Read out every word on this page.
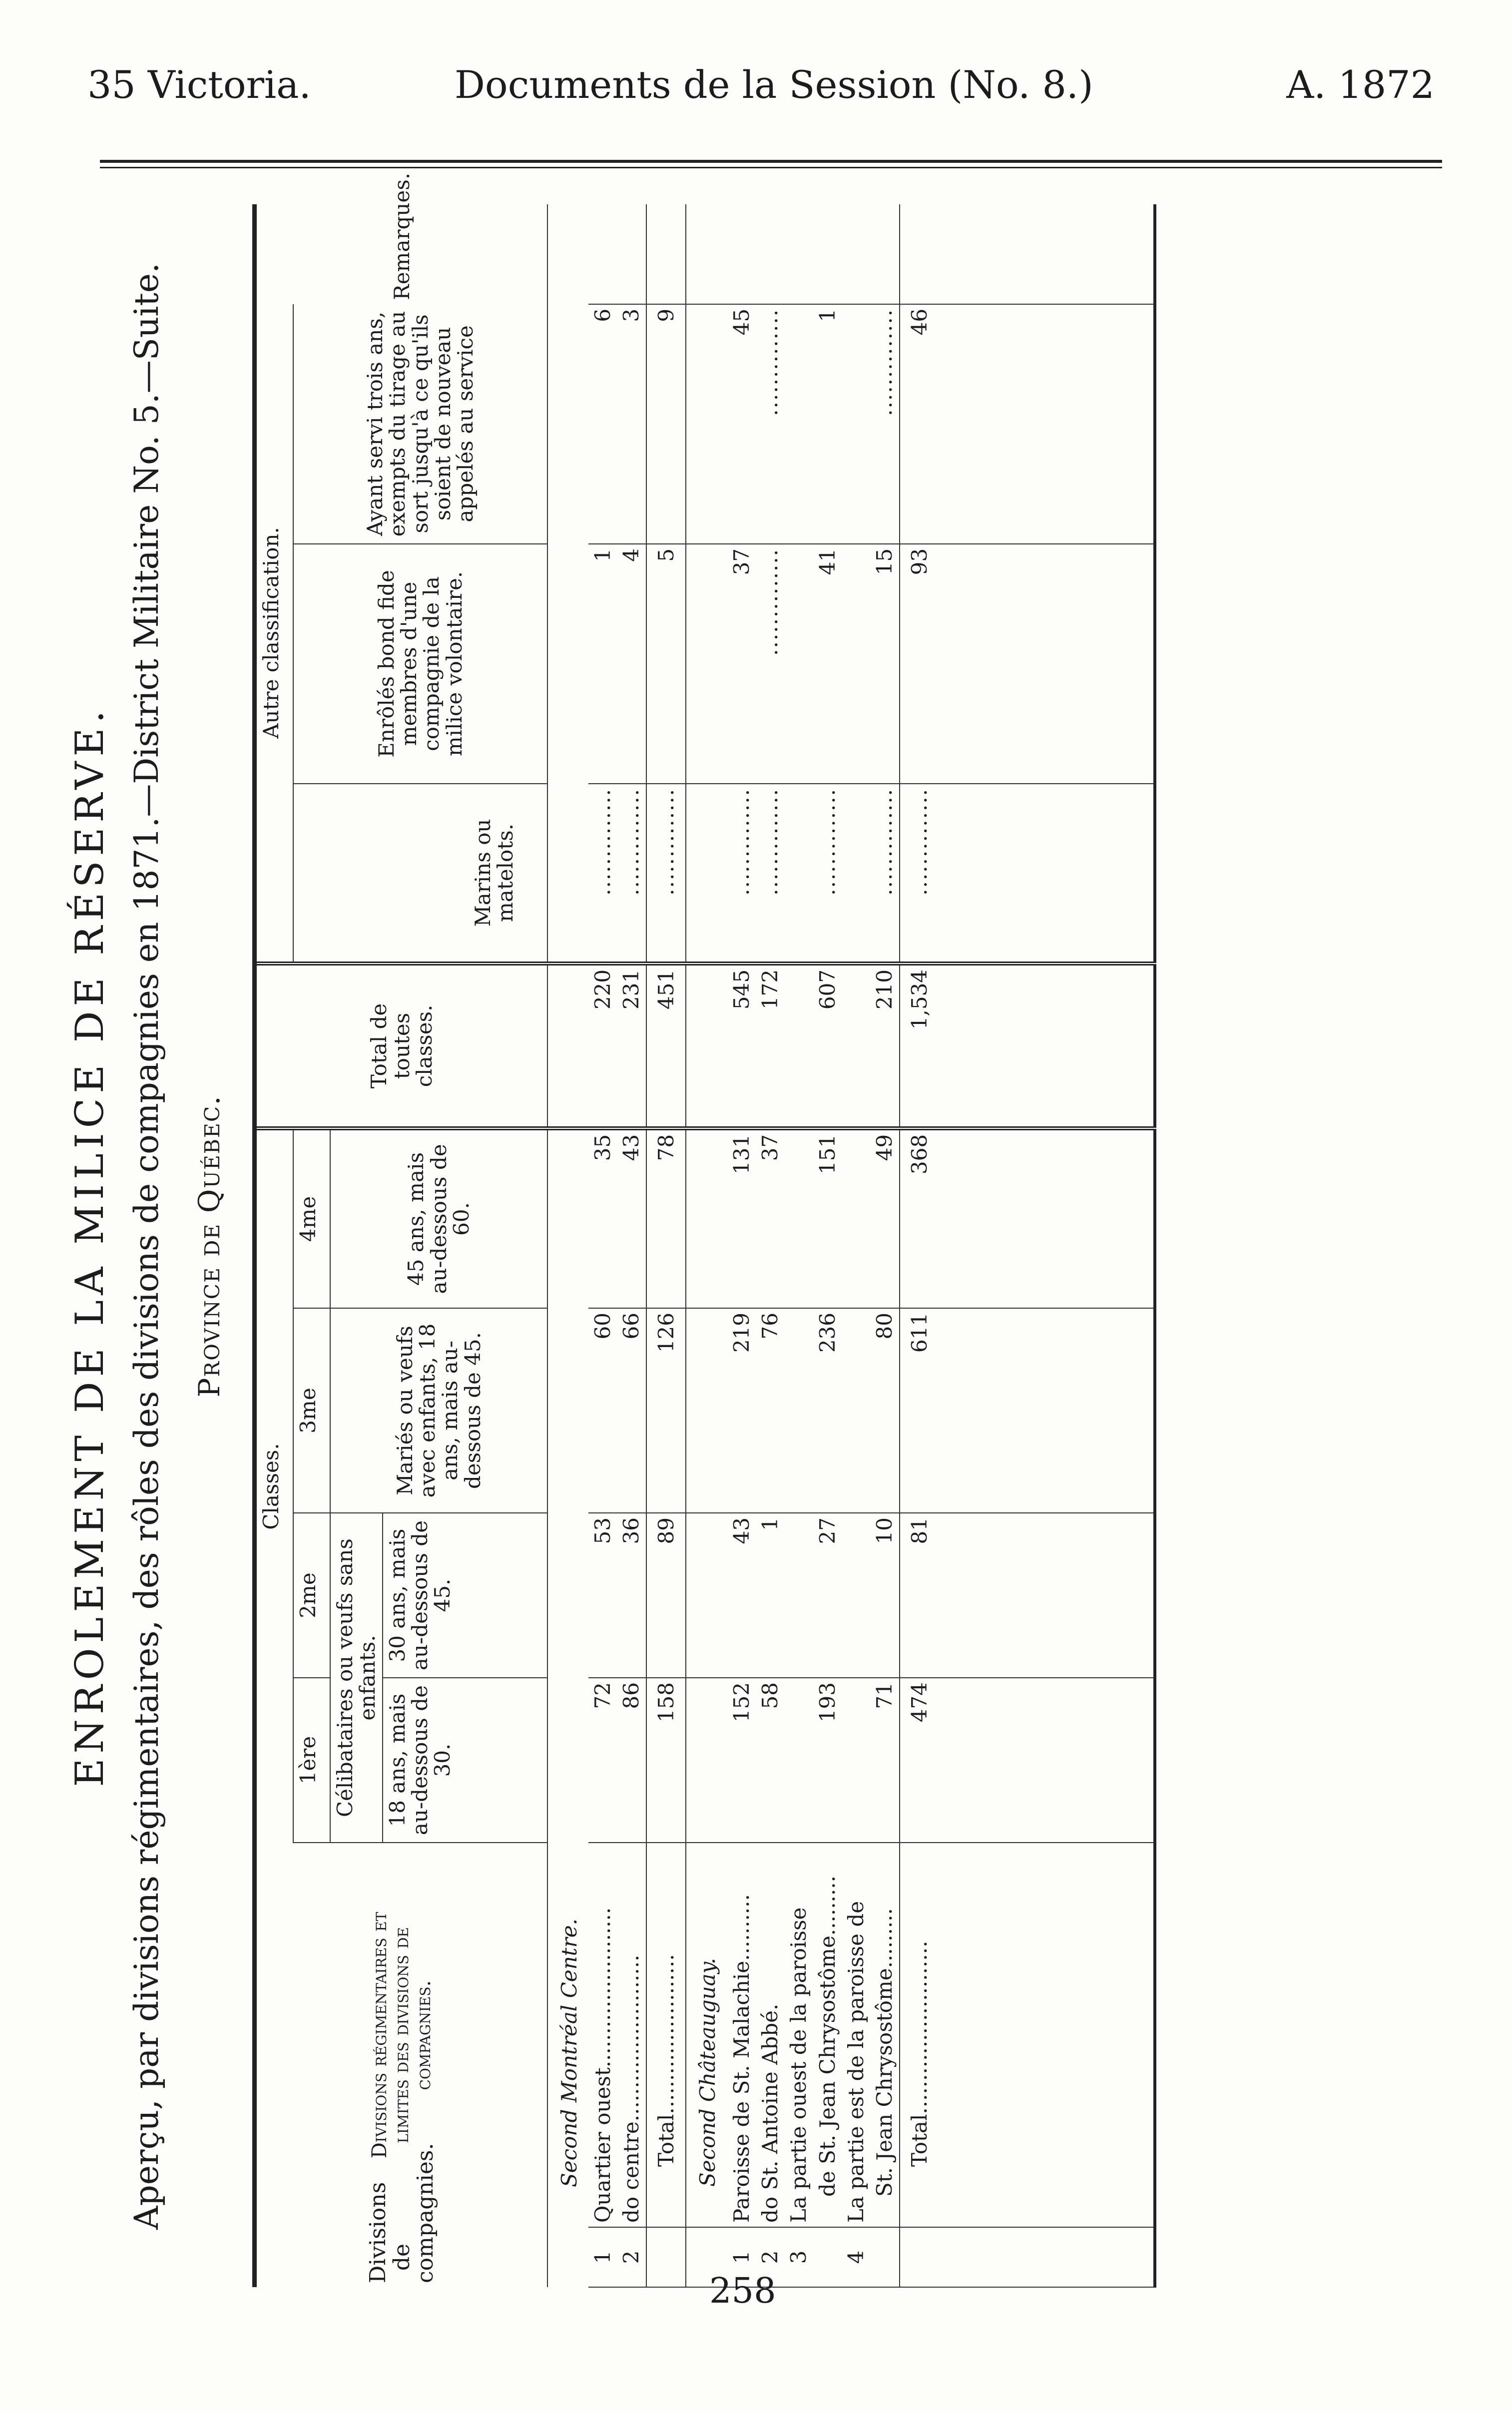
35 Victoria.	Documents de la Session (No. 8.)	A. 1872
ENROLEMENT DE LA MILICE DE RÉSERVE. Aperçu, par divisions régimentaires, des rôles des divisions de compagnies en 1871.—District Militaire No. 5.—Suite. Province de Québec.
Divisions de compagnies.	Divisions régimentaires et limites des divisions de compagnies.	Classes.				Total de toutes classes.	Autre classification.			Remarques.
		1ère	2me	3me	4me		Marins ou matelots.	Enrôlés bond fide membres d'une compagnie de la milice volontaire.	Ayant servi trois ans, exempts du tirage au sort jusqu'à ce qu'ils soient de nouveau appelés au service	
		Célibataires ou veufs sans enfants.		Mariés ou veufs avec enfants, 18 ans, mais au-dessous de 45.	45 ans, mais au-dessous de 60.					
		18 ans, mais au-dessous de 30.	30 ans, mais au-dessous de 45.							
	Second Montréal Centre.									
1	Quartier ouest........................	72	53	60	35	220	..............	1	6	
2	do centre.........................	86	36	66	43	231	..............	4	3	
	Total........................	158	89	126	78	451	..............	5	9	
	Second Châteauguay.									
1	Paroisse de St. Malachie..........	152	43	219	131	545	..............	37	45	
2	do St. Antoine Abbé.	58	1	76	37	172	..............	..............	..............	
3	La partie ouest de la paroisse									
	de St. Jean Chrysostôme.........	193	27	236	151	607	..............	41	1	
4	La partie est de la paroisse de									
	St. Jean Chrysostôme.........	71	10	80	49	210	..............	15	..............	
	Total..........................	474	81	611	368	1,534	..............	93	46	

258
